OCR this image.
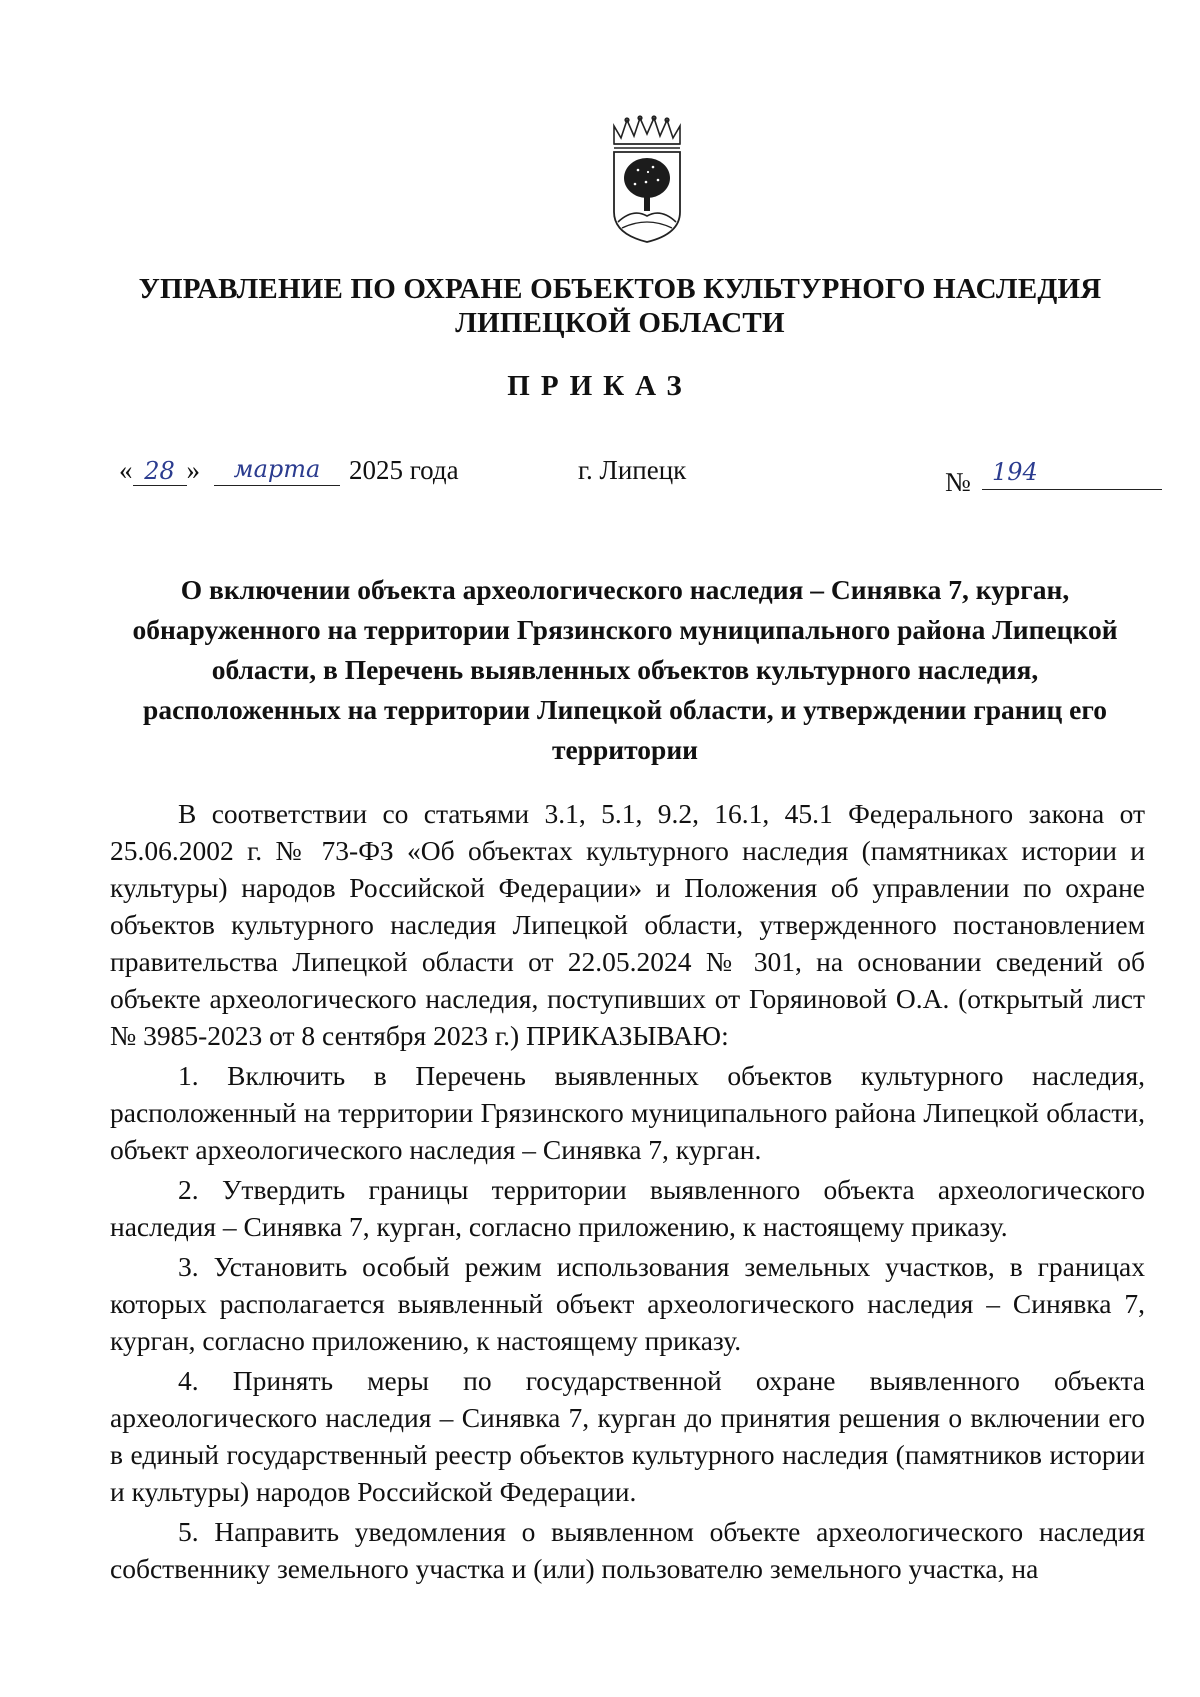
УПРАВЛЕНИЕ ПО ОХРАНЕ ОБЪЕКТОВ КУЛЬТУРНОГО НАСЛЕДИЯ
ЛИПЕЦКОЙ ОБЛАСТИ
ПРИКАЗ
« 28 »	марта	2025 года	г. Липецк	№ 194
О включении объекта археологического наследия – Синявка 7, курган,
обнаруженного на территории Грязинского муниципального района Липецкой
области, в Перечень выявленных объектов культурного наследия,
расположенных на территории Липецкой области, и утверждении границ его
территории

В соответствии со статьями 3.1, 5.1, 9.2, 16.1, 45.1 Федерального закона от 25.06.2002 г. № 73-ФЗ «Об объектах культурного наследия (памятниках истории и культуры) народов Российской Федерации» и Положения об управлении по охране объектов культурного наследия Липецкой области, утвержденного постановлением правительства Липецкой области от 22.05.2024 № 301, на основании сведений об объекте археологического наследия, поступивших от Горяиновой О.А. (открытый лист № 3985-2023 от 8 сентября 2023 г.) ПРИКАЗЫВАЮ:

1. Включить в Перечень выявленных объектов культурного наследия, расположенный на территории Грязинского муниципального района Липецкой области, объект археологического наследия – Синявка 7, курган.

2. Утвердить границы территории выявленного объекта археологического наследия – Синявка 7, курган, согласно приложению, к настоящему приказу.

3. Установить особый режим использования земельных участков, в границах которых располагается выявленный объект археологического наследия – Синявка 7, курган, согласно приложению, к настоящему приказу.

4. Принять меры по государственной охране выявленного объекта археологического наследия – Синявка 7, курган до принятия решения о включении его в единый государственный реестр объектов культурного наследия (памятников истории и культуры) народов Российской Федерации.

5. Направить уведомления о выявленном объекте археологического наследия собственнику земельного участка и (или) пользователю земельного участка, на
